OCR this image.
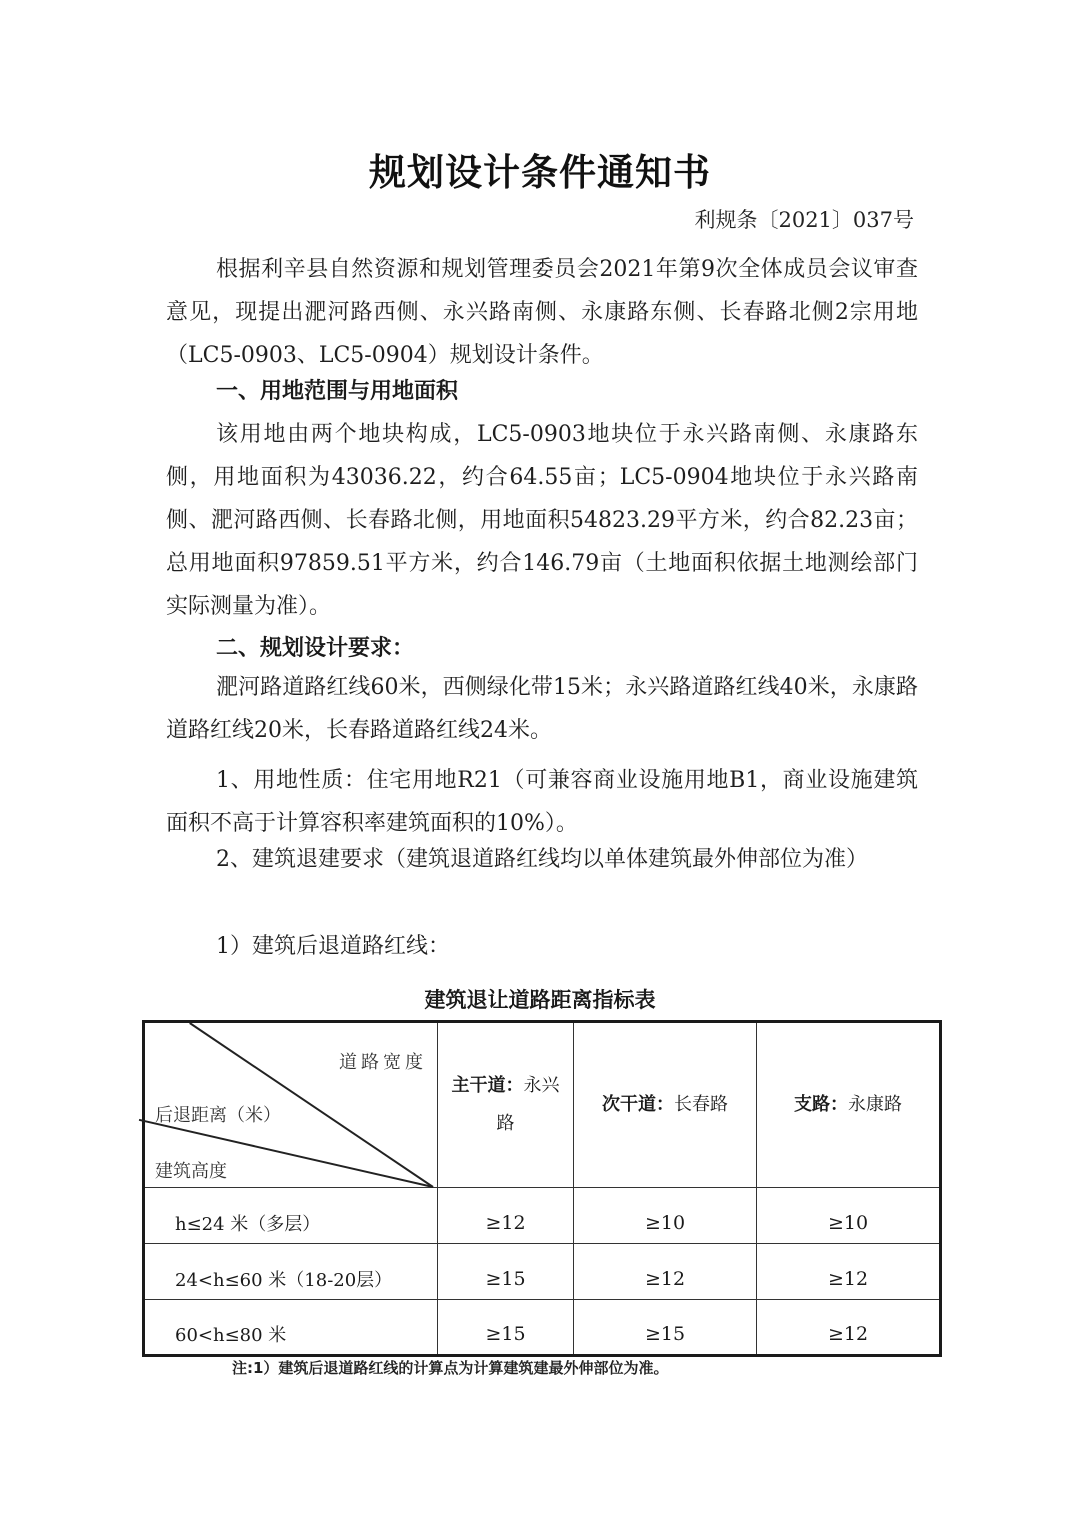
规划设计条件通知书
利规条〔2021〕037号
根据利辛县自然资源和规划管理委员会2021年第9次全体成员会议审查意见，现提出淝河路西侧、永兴路南侧、永康路东侧、长春路北侧2宗用地（LC5-0903、LC5-0904）规划设计条件。
一、用地范围与用地面积
该用地由两个地块构成，LC5-0903地块位于永兴路南侧、永康路东侧，用地面积为43036.22，约合64.55亩；LC5-0904地块位于永兴路南侧、淝河路西侧、长春路北侧，用地面积54823.29平方米，约合82.23亩；总用地面积97859.51平方米，约合146.79亩（土地面积依据土地测绘部门实际测量为准）。
二、规划设计要求：
淝河路道路红线60米，西侧绿化带15米；永兴路道路红线40米，永康路道路红线20米，长春路道路红线24米。
1、用地性质：住宅用地R21（可兼容商业设施用地B1，商业设施建筑面积不高于计算容积率建筑面积的10%）。
2、建筑退建要求（建筑退道路红线均以单体建筑最外伸部位为准）
1）建筑后退道路红线：
建筑退让道路距离指标表
道路宽度
后退距离（米）
建筑高度	主干道：永兴路	次干道：长春路	支路：永康路
h≤24 米（多层）	≥12	≥10	≥10
24<h≤60 米（18-20层）	≥15	≥12	≥12
60<h≤80 米	≥15	≥15	≥12
注:1）建筑后退道路红线的计算点为计算建筑建最外伸部位为准。
